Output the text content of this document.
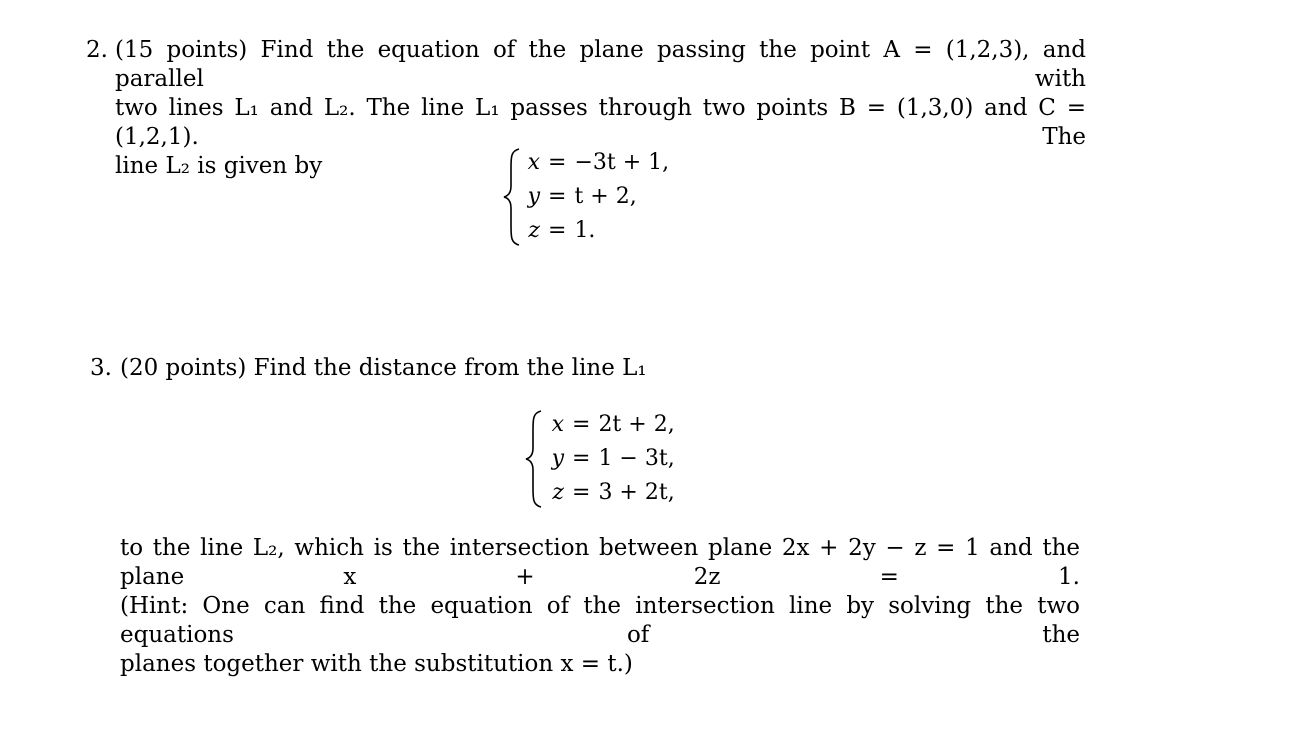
2. (15 points) Find the equation of the plane passing the point A = (1,2,3), and parallel with
two lines L₁ and L₂. The line L₁ passes through two points B = (1,3,0) and C = (1,2,1). The
line L₂ is given by	x = −3t + 1,
y = t + 2,
z = 1.
3. (20 points) Find the distance from the line L₁
x = 2t + 2,
y = 1 − 3t,
z = 3 + 2t,
to the line L₂, which is the intersection between plane 2x + 2y − z = 1 and the plane x + 2z = 1.
(Hint: One can find the equation of the intersection line by solving the two equations of the
planes together with the substitution x = t.)
